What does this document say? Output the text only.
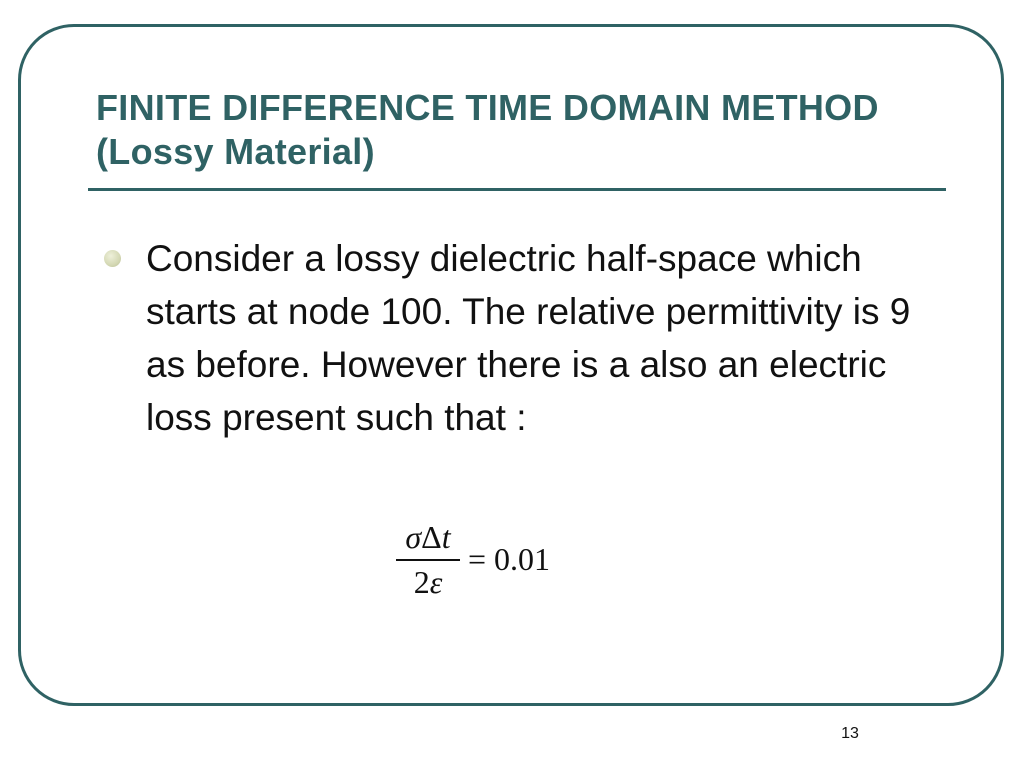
FINITE DIFFERENCE TIME DOMAIN METHOD (Lossy Material)

Consider a lossy dielectric half-space which starts at node 100. The relative permittivity is 9 as before. However there is a also an electric loss present such that :

σΔt
2ε
= 0.01
13
